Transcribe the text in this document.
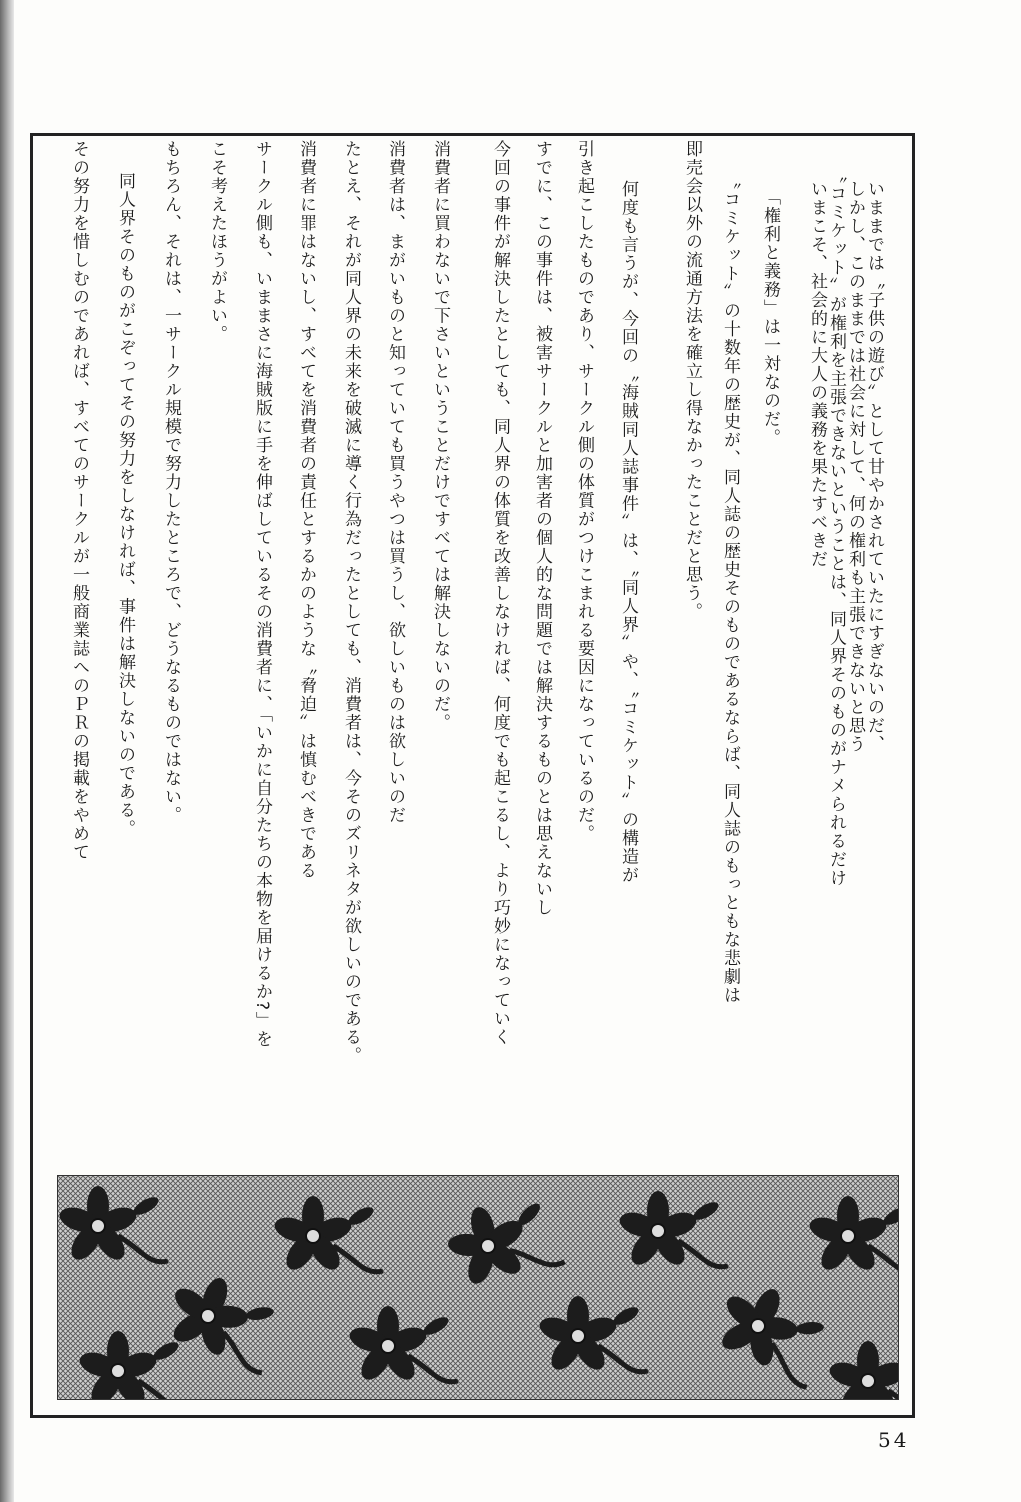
いままでは〝子供の遊び〟として甘やかされていたにすぎないのだ、
しかし、このままでは社会に対して、何の権利も主張できないと思う
〝コミケット〟が権利を主張できないということは、同人界そのものがナメられるだけ
いまこそ、社会的に大人の義務を果たすべきだ
「権利と義務」は一対なのだ。
〝コミケット〟の十数年の歴史が、同人誌の歴史そのものであるならば、同人誌のもっともな悲劇は
即売会以外の流通方法を確立し得なかったことだと思う。
何度も言うが、今回の〝海賊同人誌事件〟は、〝同人界〟や、〝コミケット〟の構造が
引き起こしたものであり、サークル側の体質がつけこまれる要因になっているのだ。
すでに、この事件は、被害サークルと加害者の個人的な問題では解決するものとは思えないし
今回の事件が解決したとしても、同人界の体質を改善しなければ、何度でも起こるし、より巧妙になっていく
消費者に買わないで下さいということだけですべては解決しないのだ。
消費者は、まがいものと知っていても買うやつは買うし、欲しいものは欲しいのだ
たとえ、それが同人界の未来を破滅に導く行為だったとしても、消費者は、今そのズリネタが欲しいのである。
消費者に罪はないし、すべてを消費者の責任とするかのような〝脅迫〟は慎むべきである
サークル側も、いままさに海賊版に手を伸ばしているその消費者に、「いかに自分たちの本物を届けるか?」を
こそ考えたほうがよい。
もちろん、それは、一サークル規模で努力したところで、どうなるものではない。
同人界そのものがこぞってその努力をしなければ、事件は解決しないのである。
その努力を惜しむのであれば、すべてのサークルが一般商業誌へのＰＲの掲載をやめて
54
